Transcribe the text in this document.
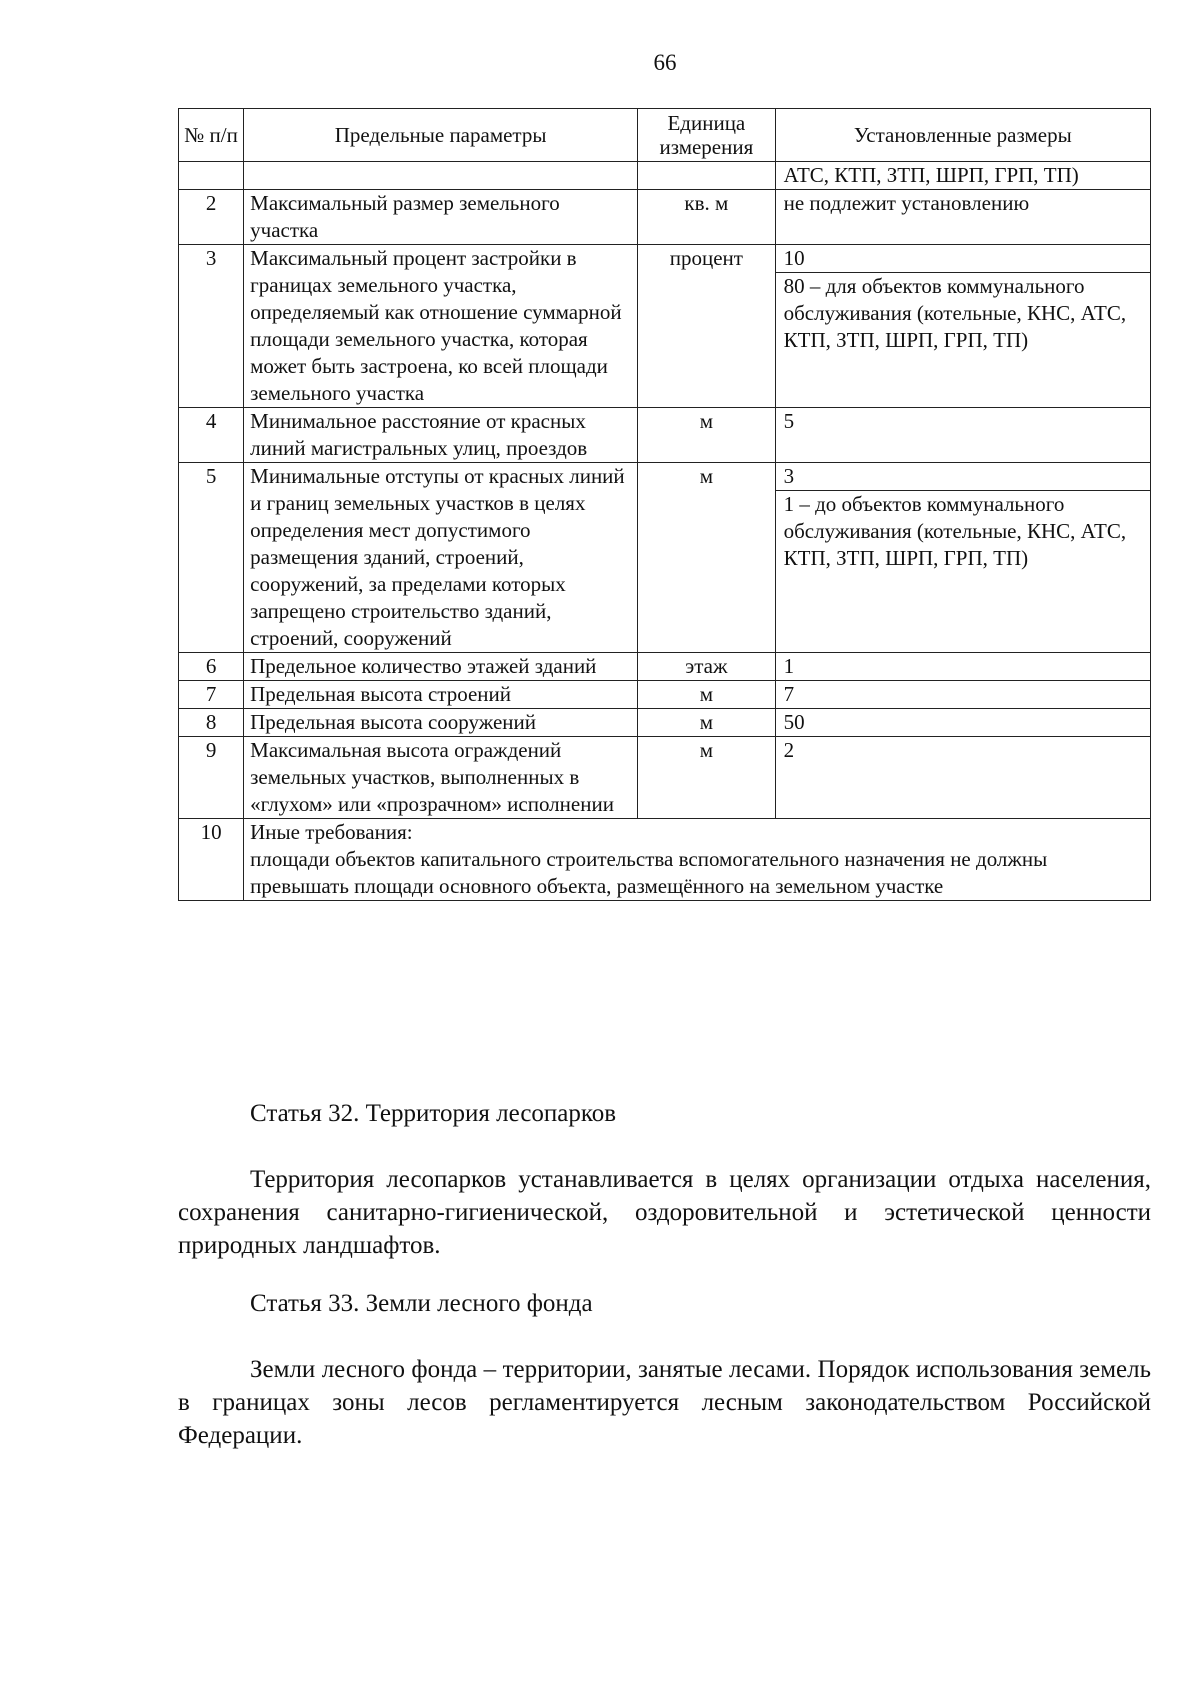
66
№ п/п	Предельные параметры	Единица измерения	Установленные размеры

			АТС, КТП, ЗТП, ШРП, ГРП, ТП)

2	Максимальный размер земельного участка	кв. м	не подлежит установлению

3	Максимальный процент застройки в границах земельного участка, определяемый как отношение суммарной площади земельного участка, которая может быть застроена, ко всей площади земельного участка	процент	10
80 – для объектов коммунального обслуживания (котельные, КНС, АТС, КТП, ЗТП, ШРП, ГРП, ТП)

4	Минимальное расстояние от красных линий магистральных улиц, проездов	м	5

5	Минимальные отступы от красных линий и границ земельных участков в целях определения мест допустимого размещения зданий, строений, сооружений, за пределами которых запрещено строительство зданий, строений, сооружений	м	3
1 – до объектов коммунального обслуживания (котельные, КНС, АТС, КТП, ЗТП, ШРП, ГРП, ТП)

6	Предельное количество этажей зданий	этаж	1

7	Предельная высота строений	м	7

8	Предельная высота сооружений	м	50

9	Максимальная высота ограждений земельных участков, выполненных в «глухом» или «прозрачном» исполнении	м	2

10	Иные требования:
площади объектов капитального строительства вспомогательного назначения не должны превышать площади основного объекта, размещённого на земельном участке		
Статья 32. Территория лесопарков
Территория лесопарков устанавливается в целях организации отдыха населения, сохранения санитарно-гигиенической, оздоровительной и эстетической ценности природных ландшафтов.
Статья 33. Земли лесного фонда
Земли лесного фонда – территории, занятые лесами. Порядок использования земель в границах зоны лесов регламентируется лесным законодательством Российской Федерации.
